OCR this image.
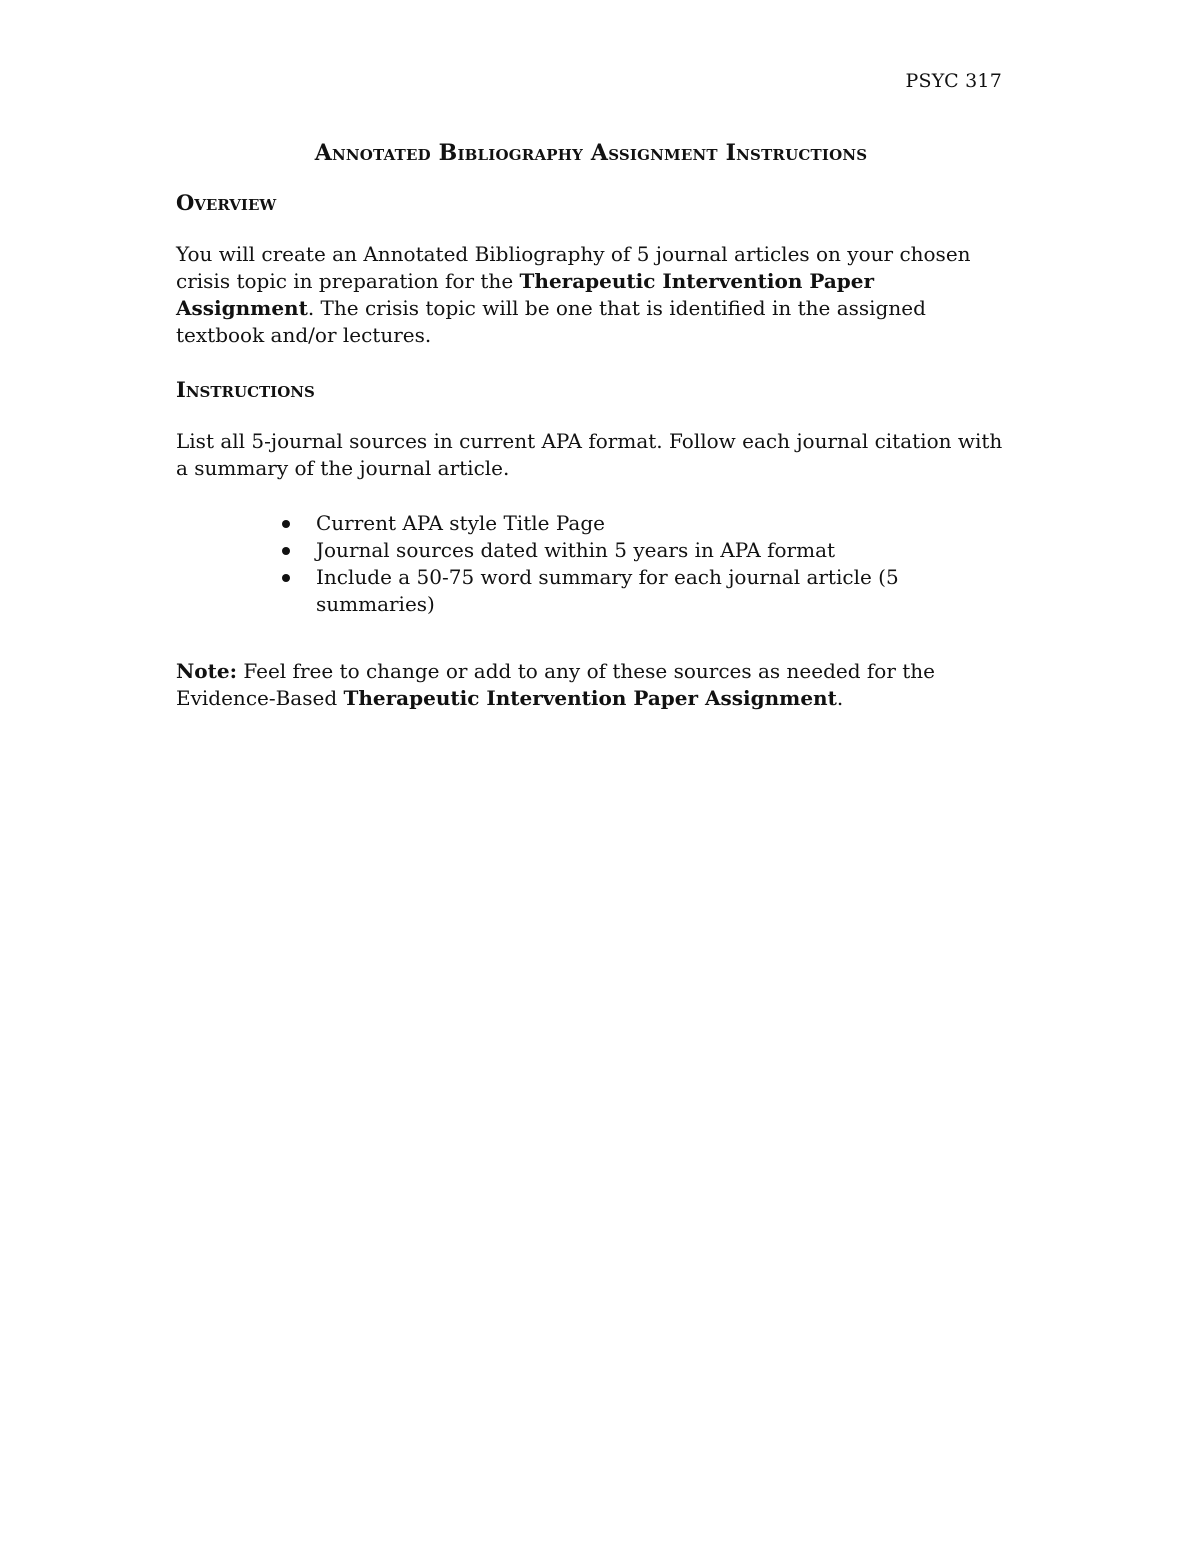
PSYC 317
Annotated Bibliography Assignment Instructions
Overview

You will create an Annotated Bibliography of 5 journal articles on your chosen crisis topic in preparation for the Therapeutic Intervention Paper Assignment. The crisis topic will be one that is identified in the assigned textbook and/or lectures.

Instructions

List all 5-journal sources in current APA format. Follow each journal citation with a summary of the journal article.

Current APA style Title Page
Journal sources dated within 5 years in APA format
Include a 50-75 word summary for each journal article (5 summaries)

Note: Feel free to change or add to any of these sources as needed for the Evidence-Based Therapeutic Intervention Paper Assignment.
